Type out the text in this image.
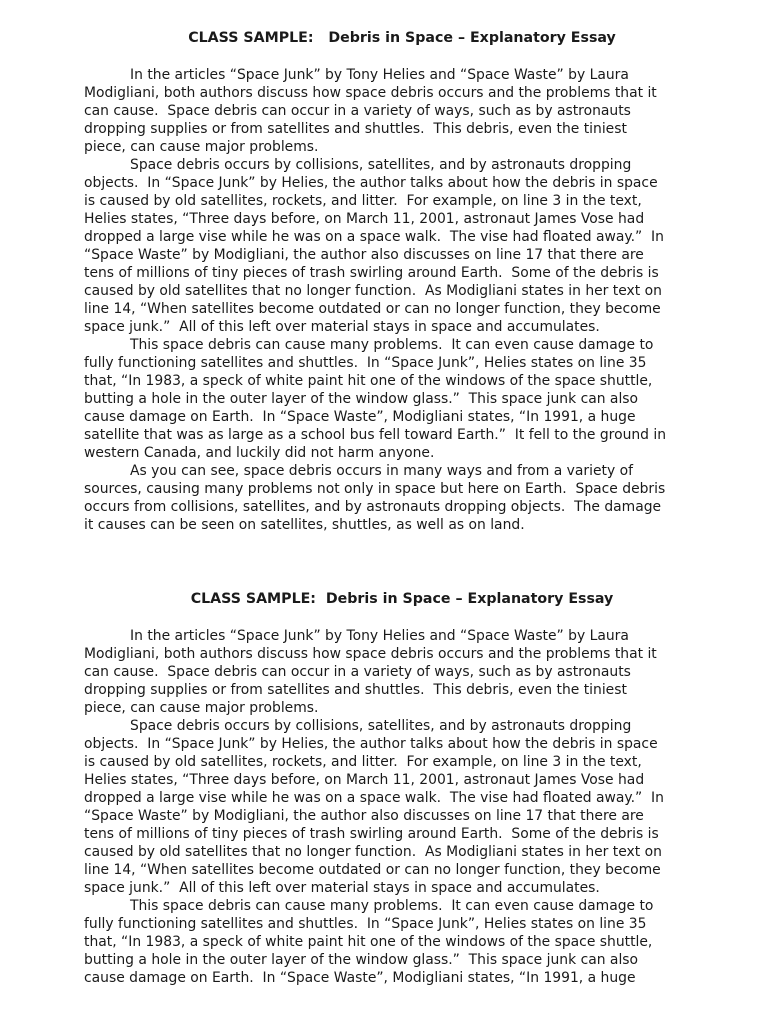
CLASS SAMPLE:   Debris in Space – Explanatory Essay

In the articles “Space Junk” by Tony Helies and “Space Waste” by Laura
Modigliani, both authors discuss how space debris occurs and the problems that it
can cause.  Space debris can occur in a variety of ways, such as by astronauts
dropping supplies or from satellites and shuttles.  This debris, even the tiniest
piece, can cause major problems.

Space debris occurs by collisions, satellites, and by astronauts dropping
objects.  In “Space Junk” by Helies, the author talks about how the debris in space
is caused by old satellites, rockets, and litter.  For example, on line 3 in the text,
Helies states, “Three days before, on March 11, 2001, astronaut James Vose had
dropped a large vise while he was on a space walk.  The vise had floated away.”  In
“Space Waste” by Modigliani, the author also discusses on line 17 that there are
tens of millions of tiny pieces of trash swirling around Earth.  Some of the debris is
caused by old satellites that no longer function.  As Modigliani states in her text on
line 14, “When satellites become outdated or can no longer function, they become
space junk.”  All of this left over material stays in space and accumulates.

This space debris can cause many problems.  It can even cause damage to
fully functioning satellites and shuttles.  In “Space Junk”, Helies states on line 35
that, “In 1983, a speck of white paint hit one of the windows of the space shuttle,
butting a hole in the outer layer of the window glass.”  This space junk can also
cause damage on Earth.  In “Space Waste”, Modigliani states, “In 1991, a huge
satellite that was as large as a school bus fell toward Earth.”  It fell to the ground in
western Canada, and luckily did not harm anyone.

As you can see, space debris occurs in many ways and from a variety of
sources, causing many problems not only in space but here on Earth.  Space debris
occurs from collisions, satellites, and by astronauts dropping objects.  The damage
it causes can be seen on satellites, shuttles, as well as on land.

CLASS SAMPLE:  Debris in Space – Explanatory Essay

In the articles “Space Junk” by Tony Helies and “Space Waste” by Laura
Modigliani, both authors discuss how space debris occurs and the problems that it
can cause.  Space debris can occur in a variety of ways, such as by astronauts
dropping supplies or from satellites and shuttles.  This debris, even the tiniest
piece, can cause major problems.

Space debris occurs by collisions, satellites, and by astronauts dropping
objects.  In “Space Junk” by Helies, the author talks about how the debris in space
is caused by old satellites, rockets, and litter.  For example, on line 3 in the text,
Helies states, “Three days before, on March 11, 2001, astronaut James Vose had
dropped a large vise while he was on a space walk.  The vise had floated away.”  In
“Space Waste” by Modigliani, the author also discusses on line 17 that there are
tens of millions of tiny pieces of trash swirling around Earth.  Some of the debris is
caused by old satellites that no longer function.  As Modigliani states in her text on
line 14, “When satellites become outdated or can no longer function, they become
space junk.”  All of this left over material stays in space and accumulates.

This space debris can cause many problems.  It can even cause damage to
fully functioning satellites and shuttles.  In “Space Junk”, Helies states on line 35
that, “In 1983, a speck of white paint hit one of the windows of the space shuttle,
butting a hole in the outer layer of the window glass.”  This space junk can also
cause damage on Earth.  In “Space Waste”, Modigliani states, “In 1991, a huge
